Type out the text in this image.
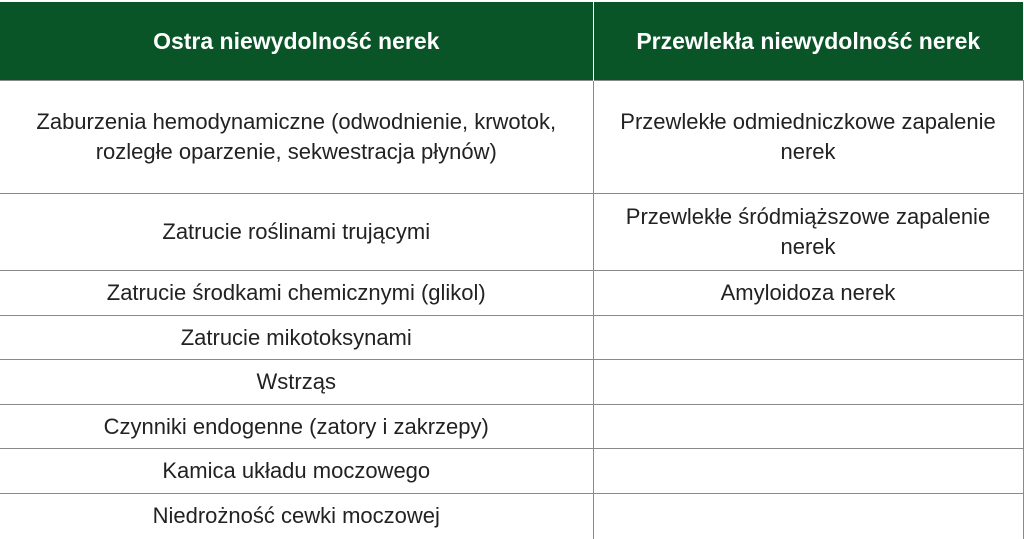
Ostra niewydolność nerek	Przewlekła niewydolność nerek
Zaburzenia hemodynamiczne (odwodnienie, krwotok, rozległe oparzenie, sekwestracja płynów)	Przewlekłe odmiedniczkowe zapalenie nerek
Zatrucie roślinami trującymi	Przewlekłe śródmiąższowe zapalenie nerek
Zatrucie środkami chemicznymi (glikol)	Amyloidoza nerek
Zatrucie mikotoksynami	
Wstrząs	
Czynniki endogenne (zatory i zakrzepy)	
Kamica układu moczowego	
Niedrożność cewki moczowej	
